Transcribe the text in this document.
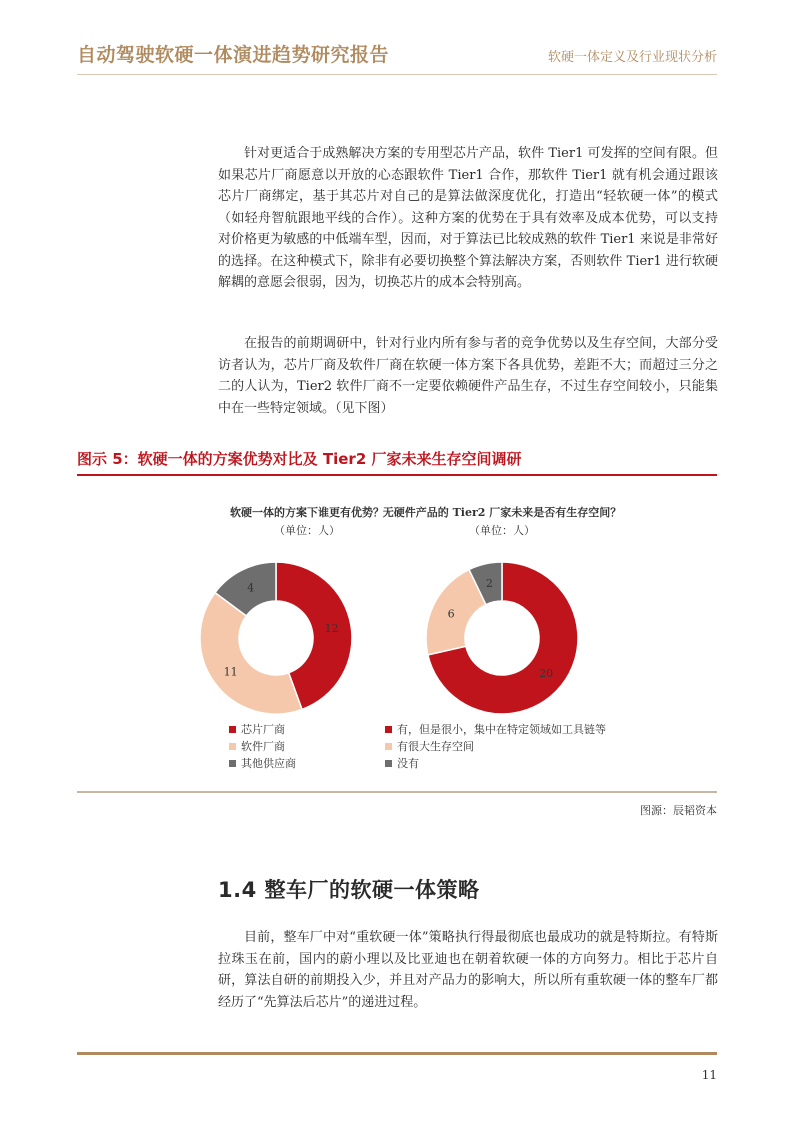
自动驾驶软硬一体演进趋势研究报告	软硬一体定义及行业现状分析

针对更适合于成熟解决方案的专用型芯片产品，软件 Tier1 可发挥的空间有限。但如果芯片厂商愿意以开放的心态跟软件 Tier1 合作，那软件 Tier1 就有机会通过跟该芯片厂商绑定，基于其芯片对自己的是算法做深度优化，打造出“轻软硬一体”的模式（如轻舟智航跟地平线的合作）。这种方案的优势在于具有效率及成本优势，可以支持对价格更为敏感的中低端车型，因而，对于算法已比较成熟的软件 Tier1 来说是非常好的选择。在这种模式下，除非有必要切换整个算法解决方案，否则软件 Tier1 进行软硬解耦的意愿会很弱，因为，切换芯片的成本会特别高。

在报告的前期调研中，针对行业内所有参与者的竞争优势以及生存空间，大部分受访者认为，芯片厂商及软件厂商在软硬一体方案下各具优势，差距不大；而超过三分之二的人认为，Tier2 软件厂商不一定要依赖硬件产品生存，不过生存空间较小，只能集中在一些特定领域。（见下图）

图示 5：软硬一体的方案优势对比及 Tier2 厂家未来生存空间调研
软硬一体的方案下谁更有优势？
（单位：人）
12
11
4
芯片厂商
软件厂商
其他供应商
无硬件产品的 Tier2 厂家未来是否有生存空间？
（单位：人）
20
6
2
有，但是很小，集中在特定领域如工具链等
有很大生存空间
没有
图源：辰韬资本
1.4 整车厂的软硬一体策略

目前，整车厂中对“重软硬一体”策略执行得最彻底也最成功的就是特斯拉。有特斯拉珠玉在前，国内的蔚小理以及比亚迪也在朝着软硬一体的方向努力。相比于芯片自研，算法自研的前期投入少，并且对产品力的影响大，所以所有重软硬一体的整车厂都经历了“先算法后芯片”的递进过程。

11
